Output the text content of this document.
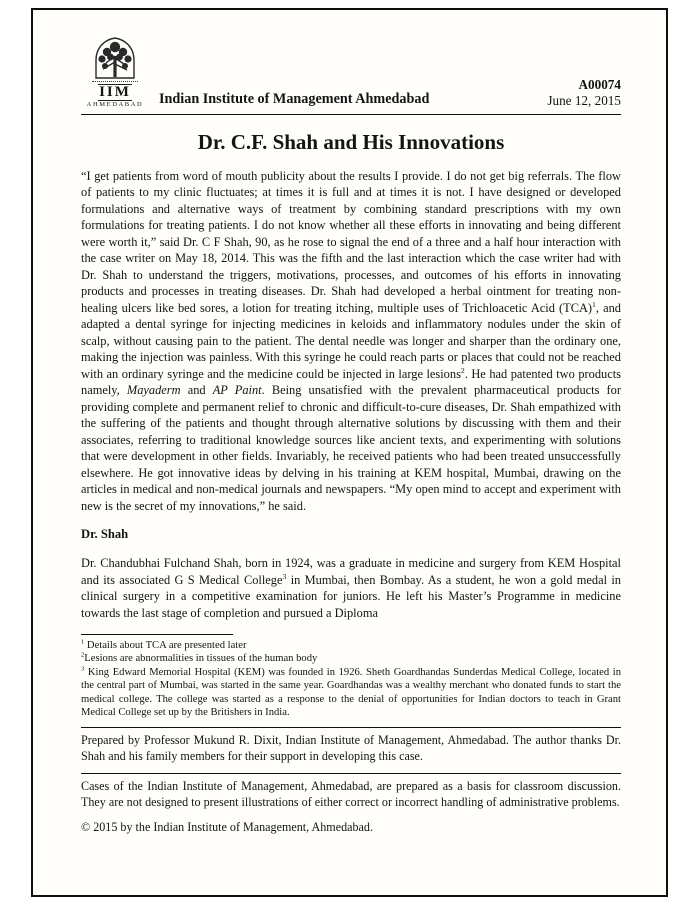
IIM
AHMEDABAD	Indian Institute of Management Ahmedabad
A00074
June 12, 2015
Dr. C.F. Shah and His Innovations

“I get patients from word of mouth publicity about the results I provide. I do not get big referrals. The flow of patients to my clinic fluctuates; at times it is full and at times it is not. I have designed or developed formulations and alternative ways of treatment by combining standard prescriptions with my own formulations for treating patients. I do not know whether all these efforts in innovating and being different were worth it,” said Dr. C F Shah, 90, as he rose to signal the end of a three and a half hour interaction with the case writer on May 18, 2014. This was the fifth and the last interaction which the case writer had with Dr. Shah to understand the triggers, motivations, processes, and outcomes of his efforts in innovating products and processes in treating diseases. Dr. Shah had developed a herbal ointment for treating non-healing ulcers like bed sores, a lotion for treating itching, multiple uses of Trichloacetic Acid (TCA)$^1$, and adapted a dental syringe for injecting medicines in keloids and inflammatory nodules under the skin of scalp, without causing pain to the patient. The dental needle was longer and sharper than the ordinary one, making the injection was painless. With this syringe he could reach parts or places that could not be reached with an ordinary syringe and the medicine could be injected in large lesions$^2$. He had patented two products namely, Mayaderm and AP Paint. Being unsatisfied with the prevalent pharmaceutical products for providing complete and permanent relief to chronic and difficult-to-cure diseases, Dr. Shah empathized with the suffering of the patients and thought through alternative solutions by discussing with them and their associates, referring to traditional knowledge sources like ancient texts, and experimenting with solutions that were development in other fields. Invariably, he received patients who had been treated unsuccessfully elsewhere. He got innovative ideas by delving in his training at KEM hospital, Mumbai, drawing on the articles in medical and non-medical journals and newspapers. “My open mind to accept and experiment with new is the secret of my innovations,” he said.

Dr. Shah

Dr. Chandubhai Fulchand Shah, born in 1924, was a graduate in medicine and surgery from KEM Hospital and its associated G S Medical College$^3$ in Mumbai, then Bombay. As a student, he won a gold medal in clinical surgery in a competitive examination for juniors. He left his Master’s Programme in medicine towards the last stage of completion and pursued a Diploma

$^1$ Details about TCA are presented later

$^2$Lesions are abnormalities in tissues of the human body

$^3$ King Edward Memorial Hospital (KEM) was founded in 1926. Sheth Goardhandas Sunderdas Medical College, located in the central part of Mumbai, was started in the same year. Goardhandas was a wealthy merchant who donated funds to start the medical college. The college was started as a response to the denial of opportunities for Indian doctors to teach in Grant Medical College set up by the Britishers in India.

Prepared by Professor Mukund R. Dixit, Indian Institute of Management, Ahmedabad. The author thanks Dr. Shah and his family members for their support in developing this case.

Cases of the Indian Institute of Management, Ahmedabad, are prepared as a basis for classroom discussion. They are not designed to present illustrations of either correct or incorrect handling of administrative problems.

© 2015 by the Indian Institute of Management, Ahmedabad.
